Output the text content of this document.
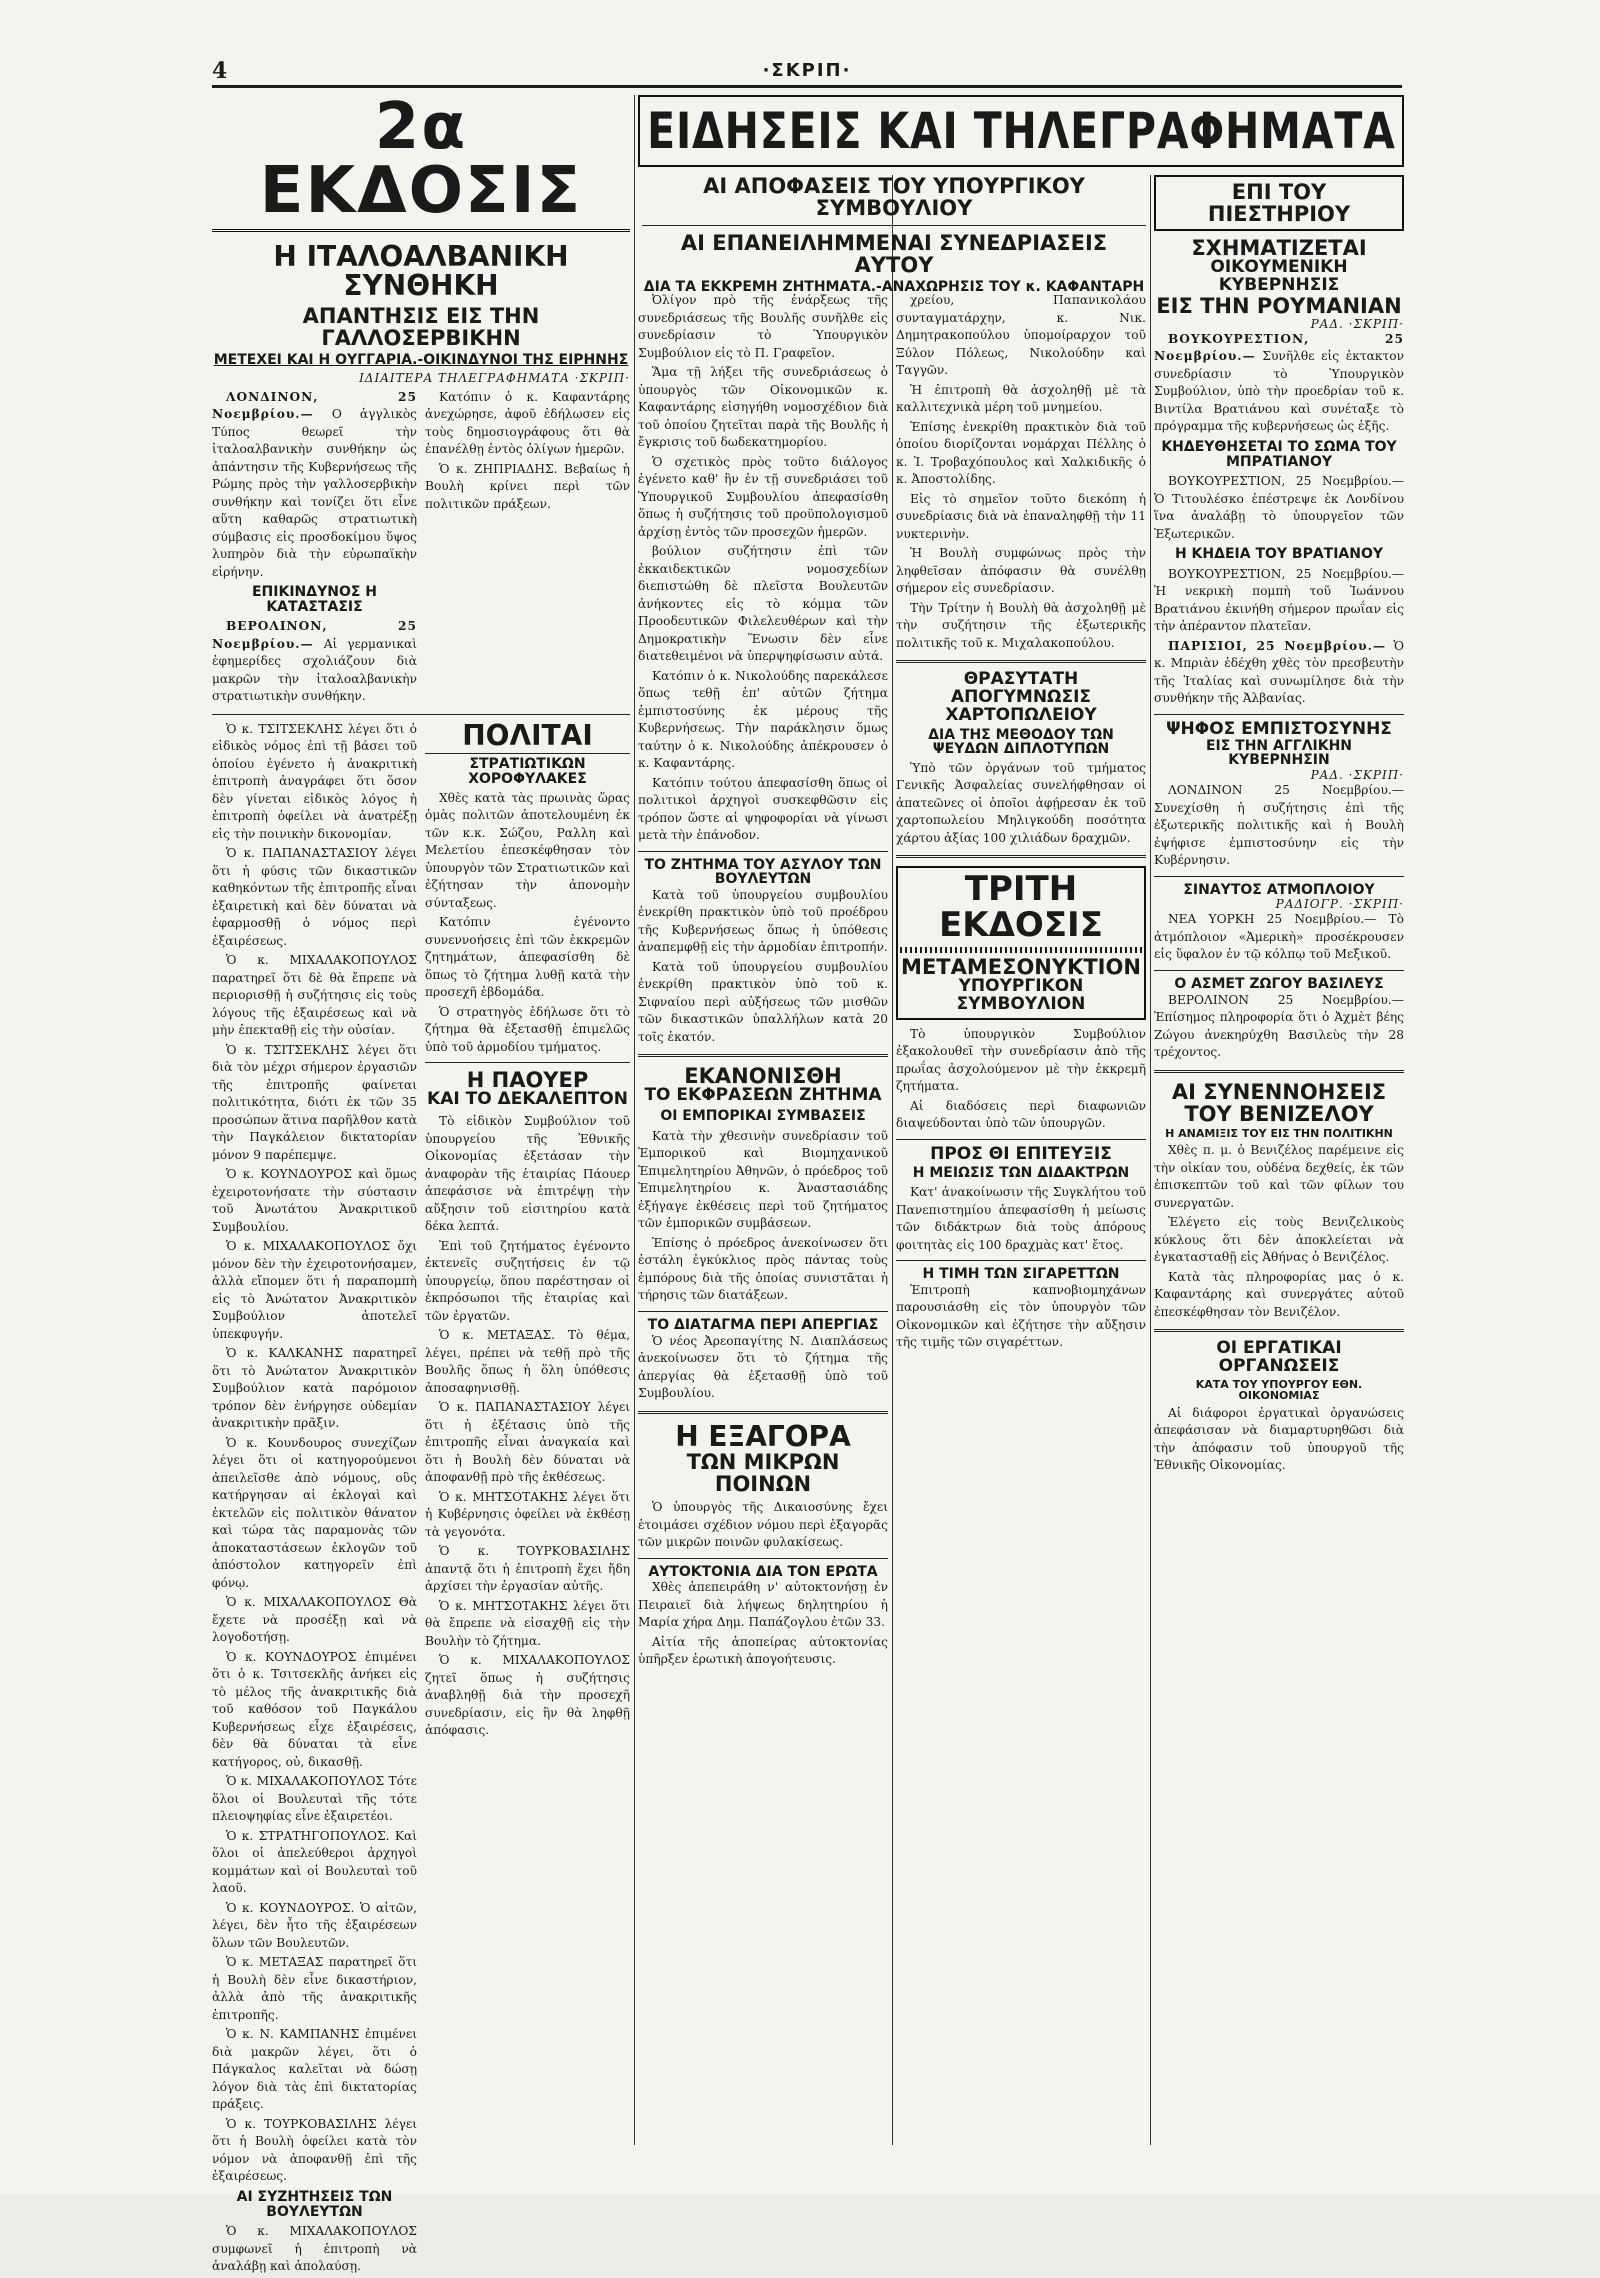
4	·ΣΚΡΙΠ·
ΕΙΔΗΣΕΙΣ ΚΑΙ ΤΗΛΕΓΡΑΦΗΜΑΤΑ
2α ΕΚΔΟΣΙΣ
Η ΙΤΑΛΟΑΛΒΑΝΙΚΗ ΣΥΝΘΗΚΗ
ΑΠΑΝΤΗΣΙΣ ΕΙΣ ΤΗΝ ΓΑΛΛΟΣΕΡΒΙΚΗΝ
ΜΕΤΕΧΕΙ ΚΑΙ Η ΟΥΓΓΑΡΙΑ.-ΟΙΚΙΝΔΥΝΟΙ ΤΗΣ ΕΙΡΗΝΗΣ
ΙΔΙΑΙΤΕΡΑ ΤΗΛΕΓΡΑΦΗΜΑΤΑ ·ΣΚΡΙΠ·

ΛΟΝΔΙΝΟΝ, 25 Νοεμβρίου.— Ο ἀγγλικὸς Τύπος θεωρεῖ τὴν ἰταλοαλβανικὴν συνθήκην ὡς ἀπάντησιν τῆς Κυβερνήσεως τῆς Ρώμης πρὸς τὴν γαλλοσερβικὴν συνθήκην καὶ τονίζει ὅτι εἶνε αὕτη καθαρῶς στρατιωτικὴ σύμβασις εἰς προσδοκίμου ὕψος λυπηρὸν διὰ τὴν εὐρωπαϊκὴν εἰρήνην.

ΕΠΙΚΙΝΔΥΝΟΣ Η ΚΑΤΑΣΤΑΣΙΣ

ΒΕΡΟΛΙΝΟΝ, 25 Νοεμβρίου.— Αἱ γερμανικαὶ ἐφημερίδες σχολιάζουν διὰ μακρῶν τὴν ἰταλοαλβανικὴν στρατιωτικὴν συνθήκην.

Κατόπιν ὁ κ. Καφαντάρης ἀνεχώρησε, ἀφοῦ ἐδήλωσεν εἰς τοὺς δημοσιογράφους ὅτι θὰ ἐπανέλθῃ ἐντὸς ὀλίγων ἡμερῶν.

Ὁ κ. ΖΗΠΡΙΑΔΗΣ. Βεβαίως ἡ Βουλὴ κρίνει περὶ τῶν πολιτικῶν πράξεων.

Ὁ κ. ΤΣΙΤΣΕΚΛΗΣ λέγει ὅτι ὁ εἰδικὸς νόμος ἐπὶ τῇ βάσει τοῦ ὁποίου ἐγένετο ἡ ἀνακριτικὴ ἐπιτροπὴ ἀναγράφει ὅτι ὅσον δὲν γίνεται εἰδικὸς λόγος ἡ ἐπιτροπὴ ὀφείλει νὰ ἀνατρέξῃ εἰς τὴν ποινικὴν δικονομίαν.

Ὁ κ. ΠΑΠΑΝΑΣΤΑΣΙΟΥ λέγει ὅτι ἡ φύσις τῶν δικαστικῶν καθηκόντων τῆς ἐπιτροπῆς εἶναι ἐξαιρετικὴ καὶ δὲν δύναται νὰ ἐφαρμοσθῇ ὁ νόμος περὶ ἐξαιρέσεως.

Ὁ κ. ΜΙΧΑΛΑΚΟΠΟΥΛΟΣ παρατηρεῖ ὅτι δὲ θὰ ἔπρεπε νὰ περιορισθῇ ἡ συζήτησις εἰς τοὺς λόγους τῆς ἐξαιρέσεως καὶ νὰ μὴν ἐπεκταθῇ εἰς τὴν οὐσίαν.

Ὁ κ. ΤΣΙΤΣΕΚΛΗΣ λέγει ὅτι διὰ τὸν μέχρι σήμερον ἐργασιῶν τῆς ἐπιτροπῆς φαίνεται πολιτικότητα, διότι ἐκ τῶν 35 προσώπων ἅτινα παρῆλθον κατὰ τὴν Παγκάλειον δικτατορίαν μόνον 9 παρέπεμψε.

Ὁ κ. ΚΟΥΝΔΟΥΡΟΣ καὶ ὅμως ἐχειροτονήσατε τὴν σύστασιν τοῦ Ἀνωτάτου Ἀνακριτικοῦ Συμβουλίου.

Ὁ κ. ΜΙΧΑΛΑΚΟΠΟΥΛΟΣ ὄχι μόνον δὲν τὴν ἐχειροτονήσαμεν, ἀλλὰ εἴπομεν ὅτι ἡ παραπομπὴ εἰς τὸ Ἀνώτατον Ἀνακριτικὸν Συμβούλιον ἀποτελεῖ ὑπεκφυγήν.

Ὁ κ. ΚΑΛΚΑΝΗΣ παρατηρεῖ ὅτι τὸ Ἀνώτατον Ἀνακριτικὸν Συμβούλιον κατὰ παρόμοιον τρόπον δὲν ἐνήργησε οὐδεμίαν ἀνακριτικὴν πρᾶξιν.

Ὁ κ. Κουνδουρος συνεχίζων λέγει ὅτι οἱ κατηγορούμενοι ἀπειλεῖσθε ἀπὸ νόμους, οὓς κατήργησαν αἱ ἐκλογαὶ καὶ ἐκτελῶν εἰς πολιτικὸν θάνατον καὶ τώρα τὰς παραμονὰς τῶν ἀποκαταστάσεων ἐκλογῶν τοῦ ἀπόστολον κατηγορεῖν ἐπὶ φόνῳ.

Ὁ κ. ΜΙΧΑΛΑΚΟΠΟΥΛΟΣ Θὰ ἔχετε νὰ προσέξῃ καὶ νὰ λογοδοτήσῃ.

Ὁ κ. ΚΟΥΝΔΟΥΡΟΣ ἐπιμένει ὅτι ὁ κ. Τσιτσεκλῆς ἀνήκει εἰς τὸ μέλος τῆς ἀνακριτικῆς διὰ τοῦ καθόσον τοῦ Παγκάλου Κυβερνήσεως εἶχε ἐξαιρέσεις, δὲν θὰ δύναται τὰ εἶνε κατήγορος, οὐ, δικασθῇ.

Ὁ κ. ΜΙΧΑΛΑΚΟΠΟΥΛΟΣ Τότε ὅλοι οἱ Βουλευταὶ τῆς τότε πλειοψηφίας εἶνε ἐξαιρετέοι.

Ὁ κ. ΣΤΡΑΤΗΓΟΠΟΥΛΟΣ. Καὶ ὅλοι οἱ ἀπελεύθεροι ἀρχηγοὶ κομμάτων καὶ οἱ Βουλευταὶ τοῦ λαοῦ.

Ὁ κ. ΚΟΥΝΔΟΥΡΟΣ. Ὁ αἰτῶν, λέγει, δὲν ἦτο τῆς ἐξαιρέσεων ὅλων τῶν Βουλευτῶν.

Ὁ κ. ΜΕΤΑΞΑΣ παρατηρεῖ ὅτι ἡ Βουλὴ δὲν εἶνε δικαστήριον, ἀλλὰ ἀπὸ τῆς ἀνακριτικῆς ἐπιτροπῆς.

Ὁ κ. Ν. ΚΑΜΠΑΝΗΣ ἐπιμένει διὰ μακρῶν λέγει, ὅτι ὁ Πάγκαλος καλεῖται νὰ δώσῃ λόγον διὰ τὰς ἐπὶ δικτατορίας πράξεις.

Ὁ κ. ΤΟΥΡΚΟΒΑΣΙΛΗΣ λέγει ὅτι ἡ Βουλὴ ὀφείλει κατὰ τὸν νόμον νὰ ἀποφανθῇ ἐπὶ τῆς ἐξαιρέσεως.

ΑΙ ΣΥΖΗΤΗΣΕΙΣ ΤΩΝ ΒΟΥΛΕΥΤΩΝ

Ὁ κ. ΜΙΧΑΛΑΚΟΠΟΥΛΟΣ συμφωνεῖ ἡ ἐπιτροπὴ νὰ ἀναλάβῃ καὶ ἀπολαύσῃ.

ΠΟΛΙΤΑΙ
ΣΤΡΑΤΙΩΤΙΚΩΝ ΧΟΡΟΦΥΛΑΚΕΣ

Χθὲς κατὰ τὰς πρωινὰς ὥρας ὁμὰς πολιτῶν ἀποτελουμένη ἐκ τῶν κ.κ. Σώζου, Ραλλη καὶ Μελετίου ἐπεσκέφθησαν τὸν ὑπουργὸν τῶν Στρατιωτικῶν καὶ ἐζήτησαν τὴν ἀπονομὴν σύνταξεως.

Κατόπιν ἐγένοντο συνεννοήσεις ἐπὶ τῶν ἐκκρεμῶν ζητημάτων, ἀπεφασίσθη δὲ ὅπως τὸ ζήτημα λυθῇ κατὰ τὴν προσεχῆ ἑβδομάδα.

Ὁ στρατηγὸς ἐδήλωσε ὅτι τὸ ζήτημα θὰ ἐξετασθῇ ἐπιμελῶς ὑπὸ τοῦ ἁρμοδίου τμήματος.

Η ΠΑΟΥΕΡ
ΚΑΙ ΤΟ ΔΕΚΑΛΕΠΤΟΝ

Τὸ εἰδικὸν Συμβούλιον τοῦ ὑπουργείου τῆς Ἐθνικῆς Οἰκονομίας ἐξετάσαν τὴν ἀναφορὰν τῆς ἑταιρίας Πάουερ ἀπεφάσισε νὰ ἐπιτρέψῃ τὴν αὔξησιν τοῦ εἰσιτηρίου κατὰ δέκα λεπτά.

Ἐπὶ τοῦ ζητήματος ἐγένοντο ἐκτενεῖς συζητήσεις ἐν τῷ ὑπουργείῳ, ὅπου παρέστησαν οἱ ἐκπρόσωποι τῆς ἑταιρίας καὶ τῶν ἐργατῶν.

Ὁ κ. ΜΕΤΑΞΑΣ. Τὸ θέμα, λέγει, πρέπει νὰ τεθῇ πρὸ τῆς Βουλῆς ὅπως ἡ ὅλη ὑπόθεσις ἀποσαφηνισθῇ.

Ὁ κ. ΠΑΠΑΝΑΣΤΑΣΙΟΥ λέγει ὅτι ἡ ἐξέτασις ὑπὸ τῆς ἐπιτροπῆς εἶναι ἀναγκαία καὶ ὅτι ἡ Βουλὴ δὲν δύναται νὰ ἀποφανθῇ πρὸ τῆς ἐκθέσεως.

Ὁ κ. ΜΗΤΣΟΤΑΚΗΣ λέγει ὅτι ἡ Κυβέρνησις ὀφείλει νὰ ἐκθέσῃ τὰ γεγονότα.

Ὁ κ. ΤΟΥΡΚΟΒΑΣΙΛΗΣ ἀπαντᾷ ὅτι ἡ ἐπιτροπὴ ἔχει ἤδη ἀρχίσει τὴν ἐργασίαν αὐτῆς.

Ὁ κ. ΜΗΤΣΟΤΑΚΗΣ λέγει ὅτι θὰ ἔπρεπε νὰ εἰσαχθῇ εἰς τὴν Βουλὴν τὸ ζήτημα.

Ὁ κ. ΜΙΧΑΛΑΚΟΠΟΥΛΟΣ ζητεῖ ὅπως ἡ συζήτησις ἀναβληθῇ διὰ τὴν προσεχῆ συνεδρίασιν, εἰς ἣν θὰ ληφθῇ ἀπόφασις.

ΑΙ ΑΠΟΦΑΣΕΙΣ ΤΟΥ ΥΠΟΥΡΓΙΚΟΥ ΣΥΜΒΟΥΛΙΟΥ
ΑΙ ΕΠΑΝΕΙΛΗΜΜΕΝΑΙ ΣΥΝΕΔΡΙΑΣΕΙΣ ΑΥΤΟΥ
ΔΙΑ ΤΑ ΕΚΚΡΕΜΗ ΖΗΤΗΜΑΤΑ.-ΑΝΑΧΩΡΗΣΙΣ ΤΟΥ κ. ΚΑΦΑΝΤΑΡΗ

Ὀλίγον πρὸ τῆς ἐνάρξεως τῆς συνεδριάσεως τῆς Βουλῆς συνῆλθε εἰς συνεδρίασιν τὸ Ὑπουργικὸν Συμβούλιον εἰς τὸ Π. Γραφεῖον.

Ἅμα τῇ λήξει τῆς συνεδριάσεως ὁ ὑπουργὸς τῶν Οἰκονομικῶν κ. Καφαντάρης εἰσηγήθη νομοσχέδιον διὰ τοῦ ὁποίου ζητεῖται παρὰ τῆς Βουλῆς ἡ ἔγκρισις τοῦ δωδεκατημορίου.

Ὁ σχετικὸς πρὸς τοῦτο διάλογος ἐγένετο καθ' ἣν ἐν τῇ συνεδριάσει τοῦ Ὑπουργικοῦ Συμβουλίου ἀπεφασίσθη ὅπως ἡ συζήτησις τοῦ προϋπολογισμοῦ ἀρχίσῃ ἐντὸς τῶν προσεχῶν ἡμερῶν.

βούλιον συζήτησιν ἐπὶ τῶν ἐκκαιδεκτικῶν νομοσχεδίων διεπιστώθη δὲ πλεῖστα Βουλευτῶν ἀνήκοντες εἰς τὸ κόμμα τῶν Προοδευτικῶν Φιλελευθέρων καὶ τὴν Δημοκρατικὴν Ἕνωσιν δὲν εἶνε διατεθειμένοι νὰ ὑπερψηφίσωσιν αὐτά.

Κατόπιν ὁ κ. Νικολούδης παρεκάλεσε ὅπως τεθῇ ἐπ' αὐτῶν ζήτημα ἐμπιστοσύνης ἐκ μέρους τῆς Κυβερνήσεως. Τὴν παράκλησιν ὅμως ταύτην ὁ κ. Νικολούδης ἀπέκρουσεν ὁ κ. Καφαντάρης.

Κατόπιν τούτου ἀπεφασίσθη ὅπως οἱ πολιτικοὶ ἀρχηγοὶ συσκεφθῶσιν εἰς τρόπον ὥστε αἱ ψηφοφορίαι νὰ γίνωσι μετὰ τὴν ἐπάνοδον.

ΤΟ ΖΗΤΗΜΑ ΤΟΥ ΑΣΥΛΟΥ ΤΩΝ ΒΟΥΛΕΥΤΩΝ

Κατὰ τοῦ ὑπουργείου συμβουλίου ἐνεκρίθη πρακτικὸν ὑπὸ τοῦ προέδρου τῆς Κυβερνήσεως ὅπως ἡ ὑπόθεσις ἀναπεμφθῇ εἰς τὴν ἁρμοδίαν ἐπιτροπήν.

Κατὰ τοῦ ὑπουργείου συμβουλίου ἐνεκρίθη πρακτικὸν ὑπὸ τοῦ κ. Σιφναίου περὶ αὐξήσεως τῶν μισθῶν τῶν δικαστικῶν ὑπαλλήλων κατὰ 20 τοῖς ἑκατόν.

ΕΚΑΝΟΝΙΣΘΗ
ΤΟ ΕΚΦΡΑΣΕΩΝ ΖΗΤΗΜΑ
ΟΙ ΕΜΠΟΡΙΚΑΙ ΣΥΜΒΑΣΕΙΣ

Κατὰ τὴν χθεσινὴν συνεδρίασιν τοῦ Ἐμπορικοῦ καὶ Βιομηχανικοῦ Ἐπιμελητηρίου Ἀθηνῶν, ὁ πρόεδρος τοῦ Ἐπιμελητηρίου κ. Ἀναστασιάδης ἐξήγαγε ἐκθέσεις περὶ τοῦ ζητήματος τῶν ἐμπορικῶν συμβάσεων.

Ἐπίσης ὁ πρόεδρος ἀνεκοίνωσεν ὅτι ἐστάλη ἐγκύκλιος πρὸς πάντας τοὺς ἐμπόρους διὰ τῆς ὁποίας συνιστᾶται ἡ τήρησις τῶν διατάξεων.

ΤΟ ΔΙΑΤΑΓΜΑ ΠΕΡΙ ΑΠΕΡΓΙΑΣ

Ὁ νέος Ἀρεοπαγίτης Ν. Διαπλάσεως ἀνεκοίνωσεν ὅτι τὸ ζήτημα τῆς ἀπεργίας θὰ ἐξετασθῇ ὑπὸ τοῦ Συμβουλίου.

Η ΕΞΑΓΟΡΑ
ΤΩΝ ΜΙΚΡΩΝ ΠΟΙΝΩΝ

Ὁ ὑπουργὸς τῆς Δικαιοσύνης ἔχει ἑτοιμάσει σχέδιον νόμου περὶ ἐξαγορᾶς τῶν μικρῶν ποινῶν φυλακίσεως.

ΑΥΤΟΚΤΟΝΙΑ ΔΙΑ ΤΟΝ ΕΡΩΤΑ

Χθὲς ἀπεπειράθη ν' αὐτοκτονήσῃ ἐν Πειραιεῖ διὰ λήψεως δηλητηρίου ἡ Μαρία χήρα Δημ. Παπάζογλου ἐτῶν 33.

Αἰτία τῆς ἀποπείρας αὐτοκτονίας ὑπῆρξεν ἐρωτικὴ ἀπογοήτευσις.

χρείου, Παπανικολάου συνταγματάρχην, κ. Νικ. Δημητρακοπούλου ὑπομοίραρχον τοῦ Ξύλον Πόλεως, Νικολούδην καὶ Ταγγῶν.

Ἡ ἐπιτροπὴ θὰ ἀσχοληθῇ μὲ τὰ καλλιτεχνικὰ μέρη τοῦ μνημείου.

Ἐπίσης ἐνεκρίθη πρακτικὸν διὰ τοῦ ὁποίου διορίζονται νομάρχαι Πέλλης ὁ κ. Ἰ. Τροβαχόπουλος καὶ Χαλκιδικῆς ὁ κ. Ἀποστολίδης.

Εἰς τὸ σημεῖον τοῦτο διεκόπη ἡ συνεδρίασις διὰ νὰ ἐπαναληφθῇ τὴν 11 νυκτερινὴν.

Ἡ Βουλὴ συμφώνως πρὸς τὴν ληφθεῖσαν ἀπόφασιν θὰ συνέλθῃ σήμερον εἰς συνεδρίασιν.

Τὴν Τρίτην ἡ Βουλὴ θὰ ἀσχοληθῇ μὲ τὴν συζήτησιν τῆς ἐξωτερικῆς πολιτικῆς τοῦ κ. Μιχαλακοπούλου.

ΘΡΑΣΥΤΑΤΗ ΑΠΟΓΥΜΝΩΣΙΣ ΧΑΡΤΟΠΩΛΕΙΟΥ
ΔΙΑ ΤΗΣ ΜΕΘΟΔΟΥ ΤΩΝ ΨΕΥΔΩΝ ΔΙΠΛΟΤΥΠΩΝ

Ὑπὸ τῶν ὀργάνων τοῦ τμήματος Γενικῆς Ἀσφαλείας συνελήφθησαν οἱ ἀπατεῶνες οἱ ὁποῖοι ἀφῄρεσαν ἐκ τοῦ χαρτοπωλείου Μηλιγκούδη ποσότητα χάρτου ἀξίας 100 χιλιάδων δραχμῶν.

ΤΡΙΤΗ ΕΚΔΟΣΙΣ
ΜΕΤΑΜΕΣΟΝΥΚΤΙΟΝ
ΥΠΟΥΡΓΙΚΟΝ ΣΥΜΒΟΥΛΙΟΝ

Τὸ ὑπουργικὸν Συμβούλιον ἐξακολουθεῖ τὴν συνεδρίασιν ἀπὸ τῆς πρωΐας ἀσχολούμενον μὲ τὴν ἐκκρεμῆ ζητήματα.

Αἱ διαδόσεις περὶ διαφωνιῶν διαψεύδονται ὑπὸ τῶν ὑπουργῶν.

ΠΡΟΣ ΘΙ ΕΠΙΤΕΥΞΙΣ
Η ΜΕΙΩΣΙΣ ΤΩΝ ΔΙΔΑΚΤΡΩΝ

Κατ' ἀνακοίνωσιν τῆς Συγκλήτου τοῦ Πανεπιστημίου ἀπεφασίσθη ἡ μείωσις τῶν διδάκτρων διὰ τοὺς ἀπόρους φοιτητὰς εἰς 100 δραχμὰς κατ' ἔτος.

Η ΤΙΜΗ ΤΩΝ ΣΙΓΑΡΕΤΤΩΝ

Ἐπιτροπὴ καπνοβιομηχάνων παρουσιάσθη εἰς τὸν ὑπουργὸν τῶν Οἰκονομικῶν καὶ ἐζήτησε τὴν αὔξησιν τῆς τιμῆς τῶν σιγαρέττων.

ΕΠΙ ΤΟΥ ΠΙΕΣΤΗΡΙΟΥ
ΣΧΗΜΑΤΙΖΕΤΑΙ
ΟΙΚΟΥΜΕΝΙΚΗ ΚΥΒΕΡΝΗΣΙΣ
ΕΙΣ ΤΗΝ ΡΟΥΜΑΝΙΑΝ
ΡΑΔ. ·ΣΚΡΙΠ·

ΒΟΥΚΟΥΡΕΣΤΙΟΝ, 25 Νοεμβρίου.— Συνῆλθε εἰς ἐκτακτον συνεδρίασιν τὸ Ὑπουργικὸν Συμβούλιον, ὑπὸ τὴν προεδρίαν τοῦ κ. Βιντίλα Βρατιάνου καὶ συνέταξε τὸ πρόγραμμα τῆς κυβερνήσεως ὡς ἐξῆς.

ΚΗΔΕΥΘΗΣΕΤΑΙ ΤΟ ΣΩΜΑ ΤΟΥ ΜΠΡΑΤΙΑΝΟΥ

ΒΟΥΚΟΥΡΕΣΤΙΟΝ, 25 Νοεμβρίου.— Ὁ Τιτουλέσκο ἐπέστρεψε ἐκ Λονδίνου ἵνα ἀναλάβῃ τὸ ὑπουργεῖον τῶν Ἐξωτερικῶν.

Η ΚΗΔΕΙΑ ΤΟΥ ΒΡΑΤΙΑΝΟΥ

ΒΟΥΚΟΥΡΕΣΤΙΟΝ, 25 Νοεμβρίου.— Ἡ νεκρικὴ πομπὴ τοῦ Ἰωάννου Βρατιάνου ἐκινήθη σήμερον πρωΐαν εἰς τὴν ἀπέραντον πλατεῖαν.

ΠΑΡΙΣΙΟΙ, 25 Νοεμβρίου.— Ὁ κ. Μπριὰν ἐδέχθη χθὲς τὸν πρεσβευτὴν τῆς Ἰταλίας καὶ συνωμίλησε διὰ τὴν συνθήκην τῆς Ἀλβανίας.

ΨΗΦΟΣ ΕΜΠΙΣΤΟΣΥΝΗΣ
ΕΙΣ ΤΗΝ ΑΓΓΛΙΚΗΝ ΚΥΒΕΡΝΗΣΙΝ
ΡΑΔ. ·ΣΚΡΙΠ·

ΛΟΝΔΙΝΟΝ 25 Νοεμβρίου.— Συνεχίσθη ἡ συζήτησις ἐπὶ τῆς ἐξωτερικῆς πολιτικῆς καὶ ἡ Βουλὴ ἐψήφισε ἐμπιστοσύνην εἰς τὴν Κυβέρνησιν.

ΣΙΝΑΥΤΟΣ ΑΤΜΟΠΛΟΙΟΥ
ΡΑΔΙΟΓΡ. ·ΣΚΡΙΠ·

ΝΕΑ ΥΟΡΚΗ 25 Νοεμβρίου.— Τὸ ἀτμόπλοιον «Ἀμερικὴ» προσέκρουσεν εἰς ὕφαλον ἐν τῷ κόλπῳ τοῦ Μεξικοῦ.

Ο ΑΣΜΕΤ ΖΩΓΟΥ ΒΑΣΙΛΕΥΣ

ΒΕΡΟΛΙΝΟΝ 25 Νοεμβρίου.— Ἐπίσημος πληροφορία ὅτι ὁ Ἀχμὲτ βέης Ζώγου ἀνεκηρύχθη Βασιλεὺς τὴν 28 τρέχοντος.

ΑΙ ΣΥΝΕΝΝΟΗΣΕΙΣ
ΤΟΥ ΒΕΝΙΖΕΛΟΥ
Η ΑΝΑΜΙΞΙΣ ΤΟΥ ΕΙΣ ΤΗΝ ΠΟΛΙΤΙΚΗΝ

Χθὲς π. μ. ὁ Βενιζέλος παρέμεινε εἰς τὴν οἰκίαν του, οὐδένα δεχθείς, ἐκ τῶν ἐπισκεπτῶν τοῦ καὶ τῶν φίλων του συνεργατῶν.

Ἐλέγετο εἰς τοὺς Βενιζελικοὺς κύκλους ὅτι δὲν ἀποκλείεται νὰ ἐγκατασταθῇ εἰς Ἀθήνας ὁ Βενιζέλος.

Κατὰ τὰς πληροφορίας μας ὁ κ. Καφαντάρης καὶ συνεργάτες αὐτοῦ ἐπεσκέφθησαν τὸν Βενιζέλον.

ΟΙ ΕΡΓΑΤΙΚΑΙ ΟΡΓΑΝΩΣΕΙΣ
ΚΑΤΑ ΤΟΥ ΥΠΟΥΡΓΟΥ ΕΘΝ. ΟΙΚΟΝΟΜΙΑΣ

Αἱ διάφοροι ἐργατικαὶ ὀργανώσεις ἀπεφάσισαν νὰ διαμαρτυρηθῶσι διὰ τὴν ἀπόφασιν τοῦ ὑπουργοῦ τῆς Ἐθνικῆς Οἰκονομίας.
